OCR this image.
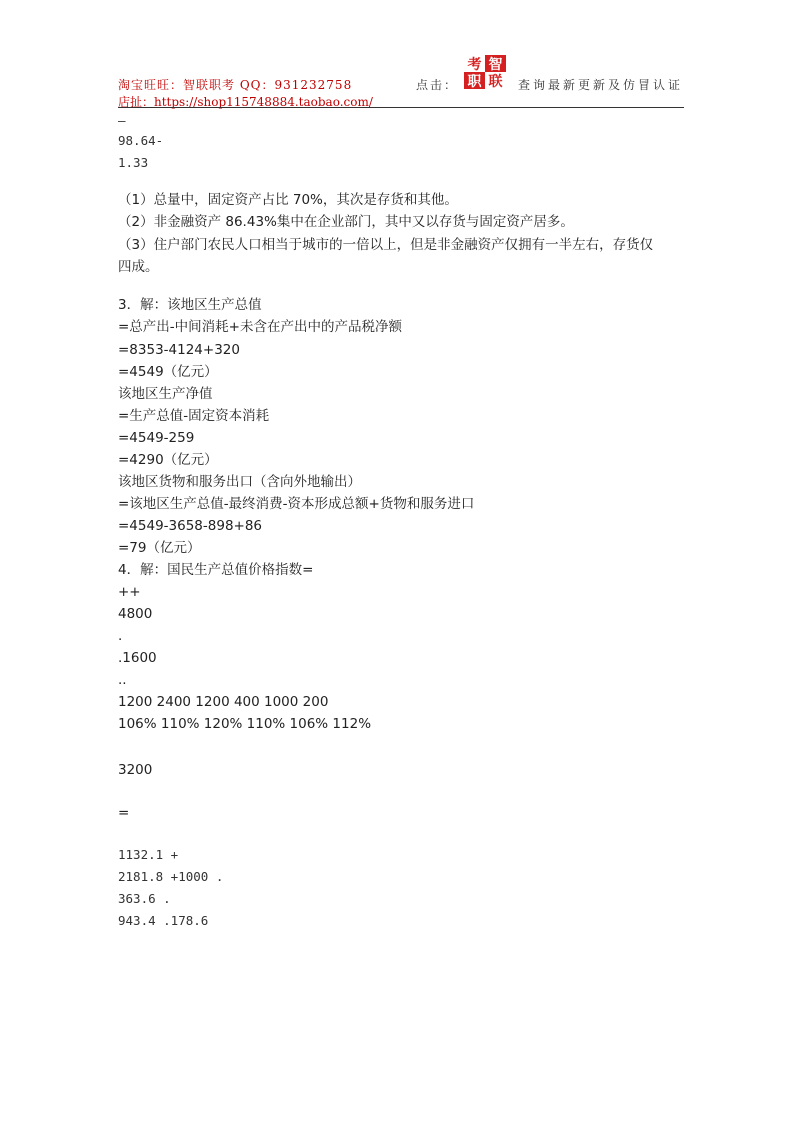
淘宝旺旺：智联职考 QQ：931232758
店扯：https://shop115748884.taobao.com/
点击：
考 智
职 联 查询最新更新及仿冒认证
–
98.64-
1.33
（1）总量中，固定资产占比 70%，其次是存货和其他。
（2）非金融资产 86.43%集中在企业部门，其中又以存货与固定资产居多。
（3）住户部门农民人口相当于城市的一倍以上，但是非金融资产仅拥有一半左右，存货仅
四成。
3．解：该地区生产总值
=总产出-中间消耗+未含在产出中的产品税净额
=8353-4124+320
=4549（亿元）
该地区生产净值
=生产总值-固定资本消耗
=4549-259
=4290（亿元）
该地区货物和服务出口（含向外地输出）
=该地区生产总值-最终消费-资本形成总额+货物和服务进口
=4549-3658-898+86
=79（亿元）
4．解：国民生产总值价格指数=
++
4800
.
.1600
..
1200 2400 1200 400 1000 200
106% 110% 120% 110% 106% 112%
3200
=
1132.1 +
2181.8 +1000 .
363.6 .
943.4 .178.6
